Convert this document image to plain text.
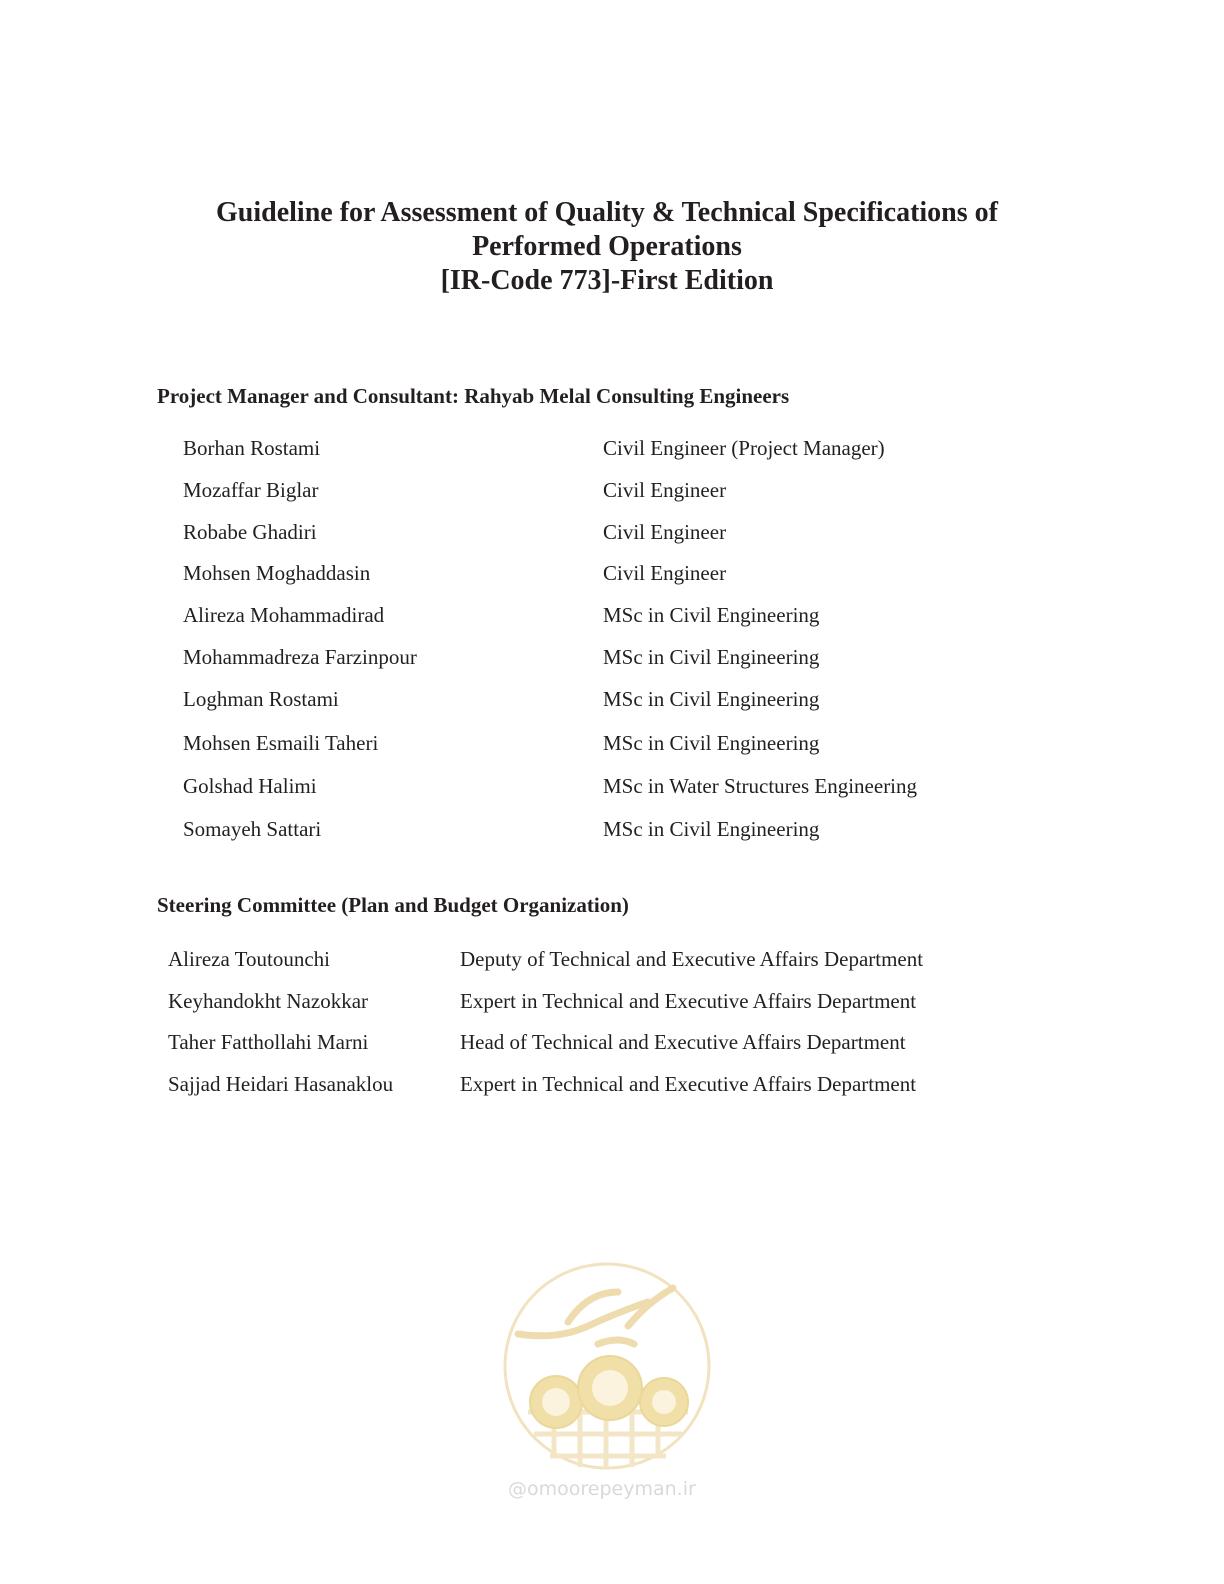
Guideline for Assessment of Quality & Technical Specifications of
Performed Operations
[IR-Code 773]-First Edition
Project Manager and Consultant: Rahyab Melal Consulting Engineers
Borhan Rostami	Civil Engineer (Project Manager)
Mozaffar Biglar	Civil Engineer
Robabe Ghadiri	Civil Engineer
Mohsen Moghaddasin	Civil Engineer
Alireza Mohammadirad	MSc in Civil Engineering
Mohammadreza Farzinpour	MSc in Civil Engineering
Loghman Rostami	MSc in Civil Engineering
Mohsen Esmaili Taheri	MSc in Civil Engineering
Golshad Halimi	MSc in Water Structures Engineering
Somayeh Sattari	MSc in Civil Engineering
Steering Committee (Plan and Budget Organization)
Alireza Toutounchi	Deputy of Technical and Executive Affairs Department
Keyhandokht Nazokkar	Expert in Technical and Executive Affairs Department
Taher Fatthollahi Marni	Head of Technical and Executive Affairs Department
Sajjad Heidari Hasanaklou	Expert in Technical and Executive Affairs Department
@omoorepeyman.ir
